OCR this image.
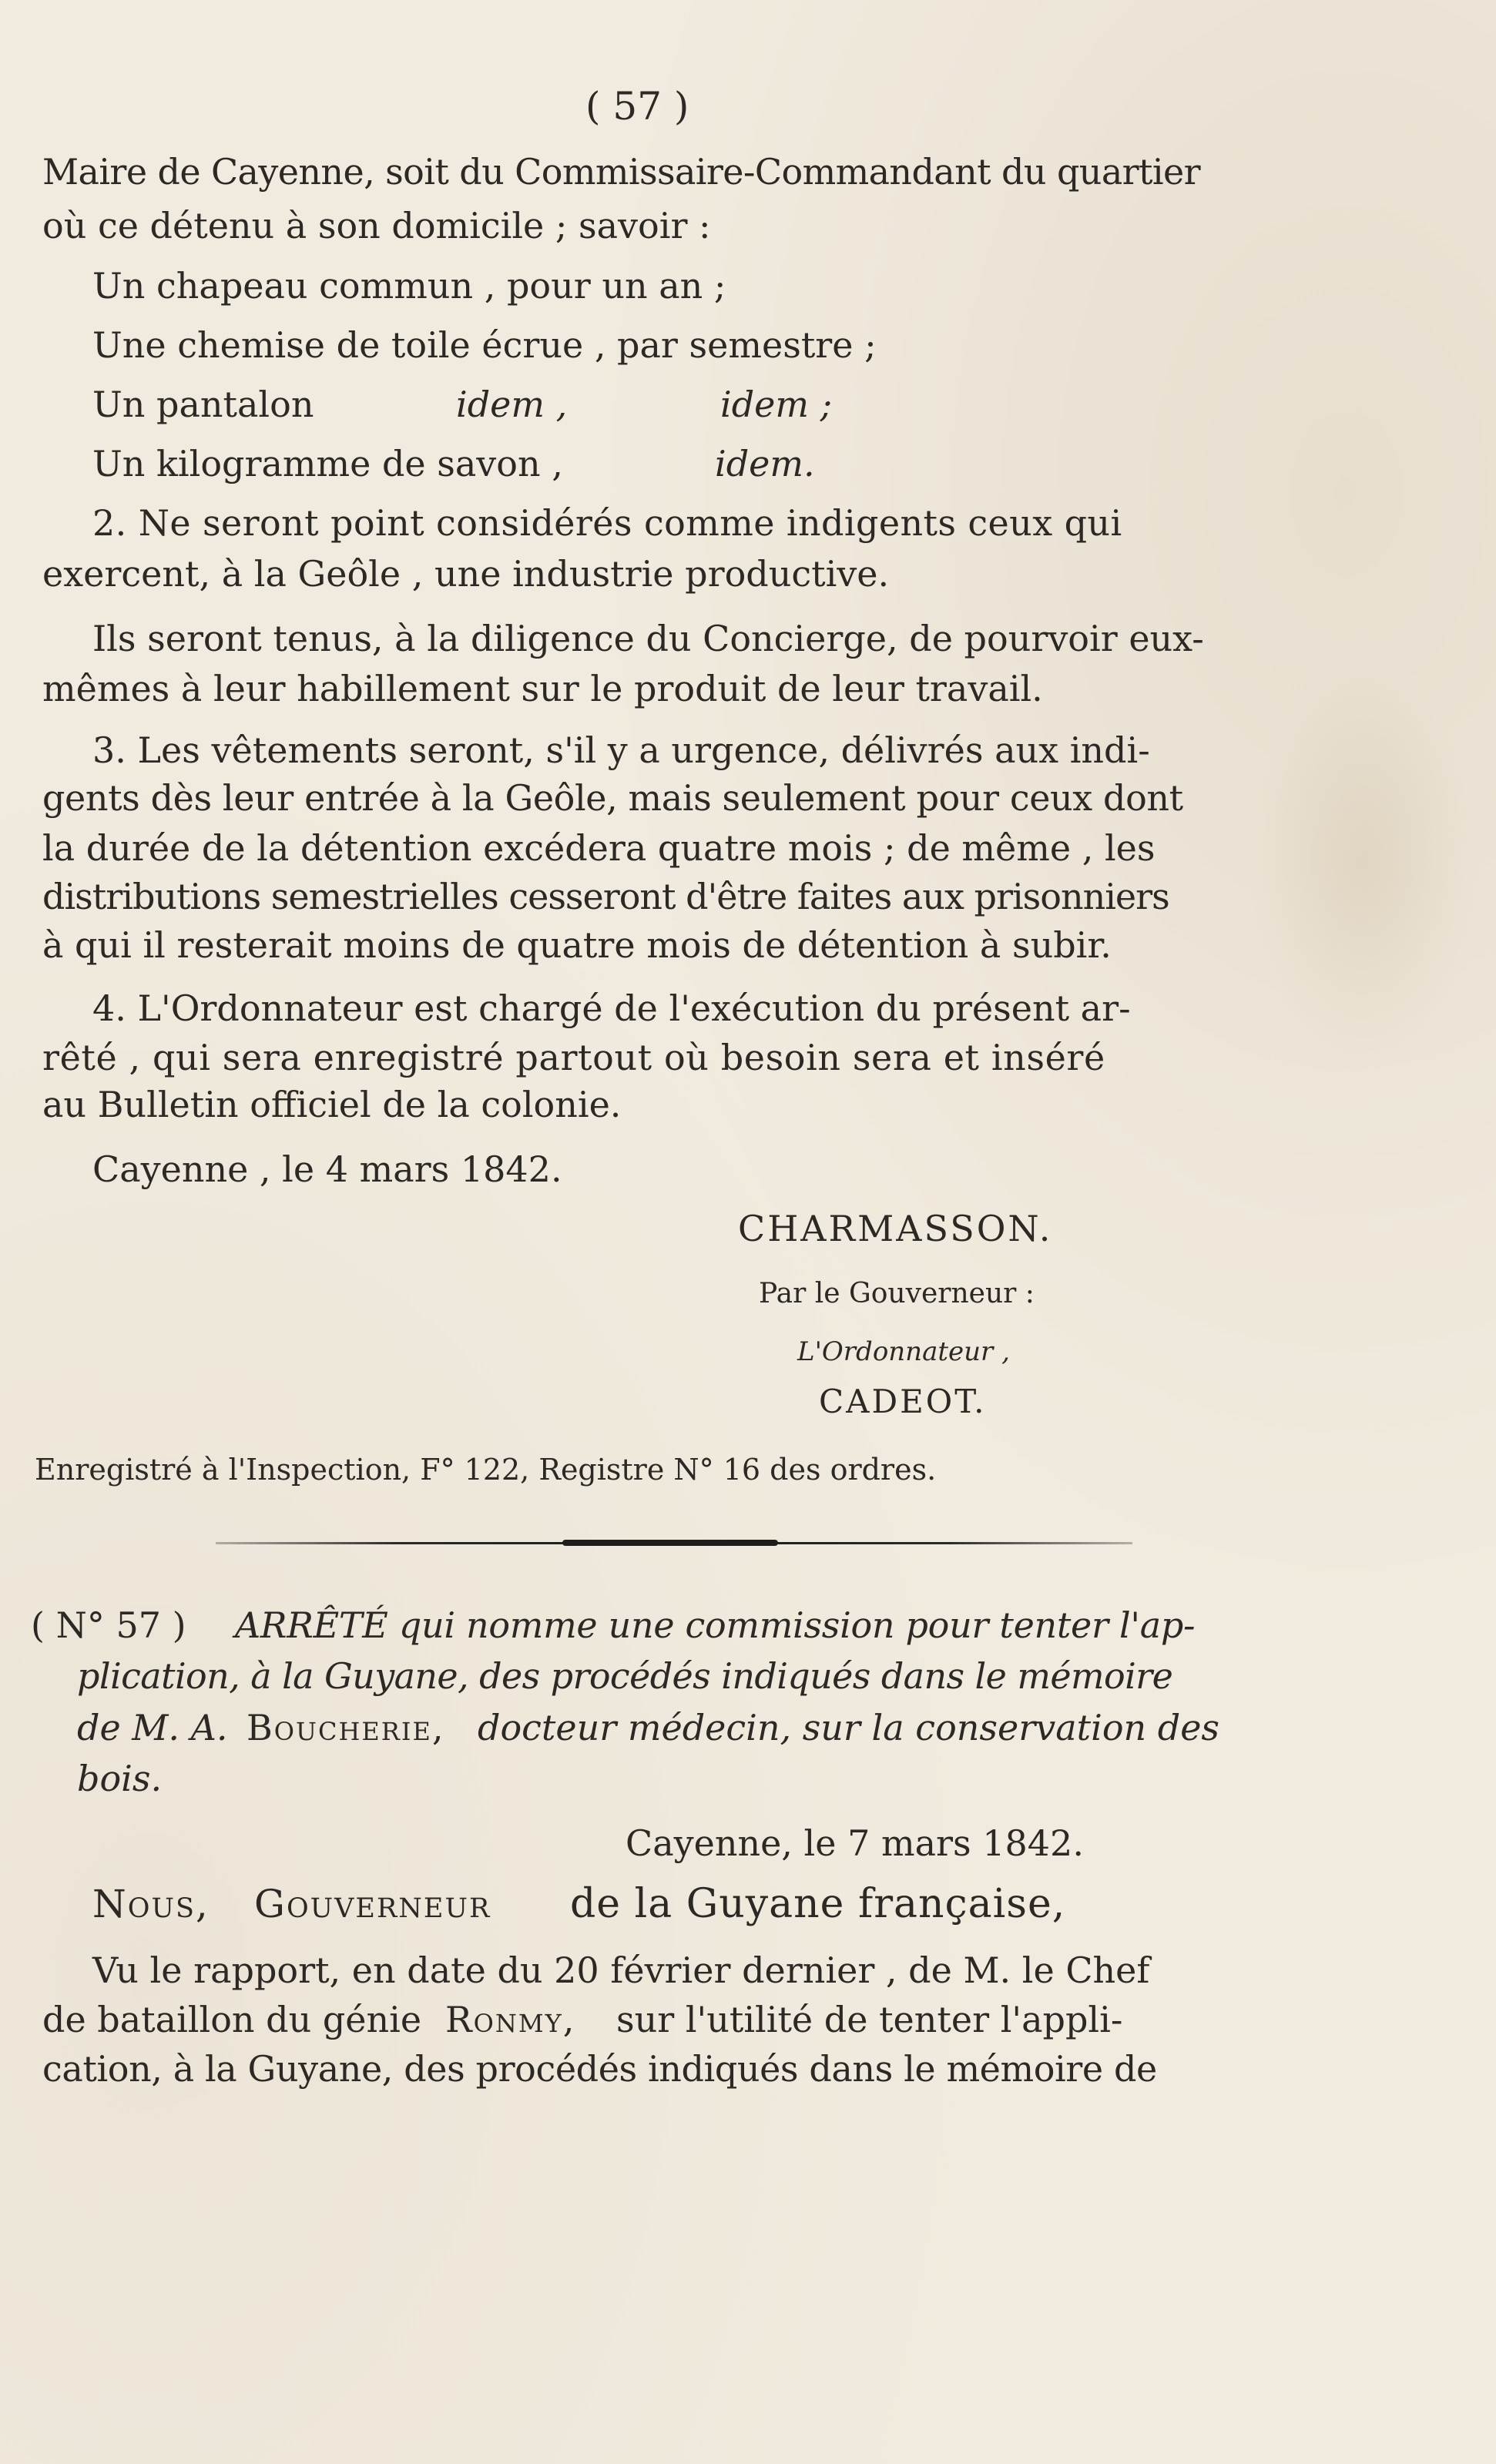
( 57 )
Maire de Cayenne, soit du Commissaire-Commandant du quartier
où ce détenu à son domicile ; savoir :
Un chapeau commun , pour un an ;
Une chemise de toile écrue , par semestre ;
Un pantalon	idem ,	idem ;
Un kilogramme de savon ,	idem.
2. Ne seront point considérés comme indigents ceux qui
exercent, à la Geôle , une industrie productive.
Ils seront tenus, à la diligence du Concierge, de pourvoir eux-
mêmes à leur habillement sur le produit de leur travail.
3. Les vêtements seront, s'il y a urgence, délivrés aux indi-
gents dès leur entrée à la Geôle, mais seulement pour ceux dont
la durée de la détention excédera quatre mois ; de même , les
distributions semestrielles cesseront d'être faites aux prisonniers
à qui il resterait moins de quatre mois de détention à subir.
4. L'Ordonnateur est chargé de l'exécution du présent ar-
rêté , qui sera enregistré partout où besoin sera et inséré
au Bulletin officiel de la colonie.
Cayenne , le 4 mars 1842.
CHARMASSON.
Par le Gouverneur :
L'Ordonnateur ,
CADEOT.
Enregistré à l'Inspection, F° 122, Registre N° 16 des ordres.
( N° 57 ) ARRÊTÉ qui nomme une commission pour tenter l'ap-
plication, à la Guyane, des procédés indiqués dans le mémoire
de M. A. Boucherie, docteur médecin, sur la conservation des
bois.
Cayenne, le 7 mars 1842.
Nous, Gouverneur de la Guyane française,
Vu le rapport, en date du 20 février dernier , de M. le Chef
de bataillon du génie Ronmy, sur l'utilité de tenter l'appli-
cation, à la Guyane, des procédés indiqués dans le mémoire de
